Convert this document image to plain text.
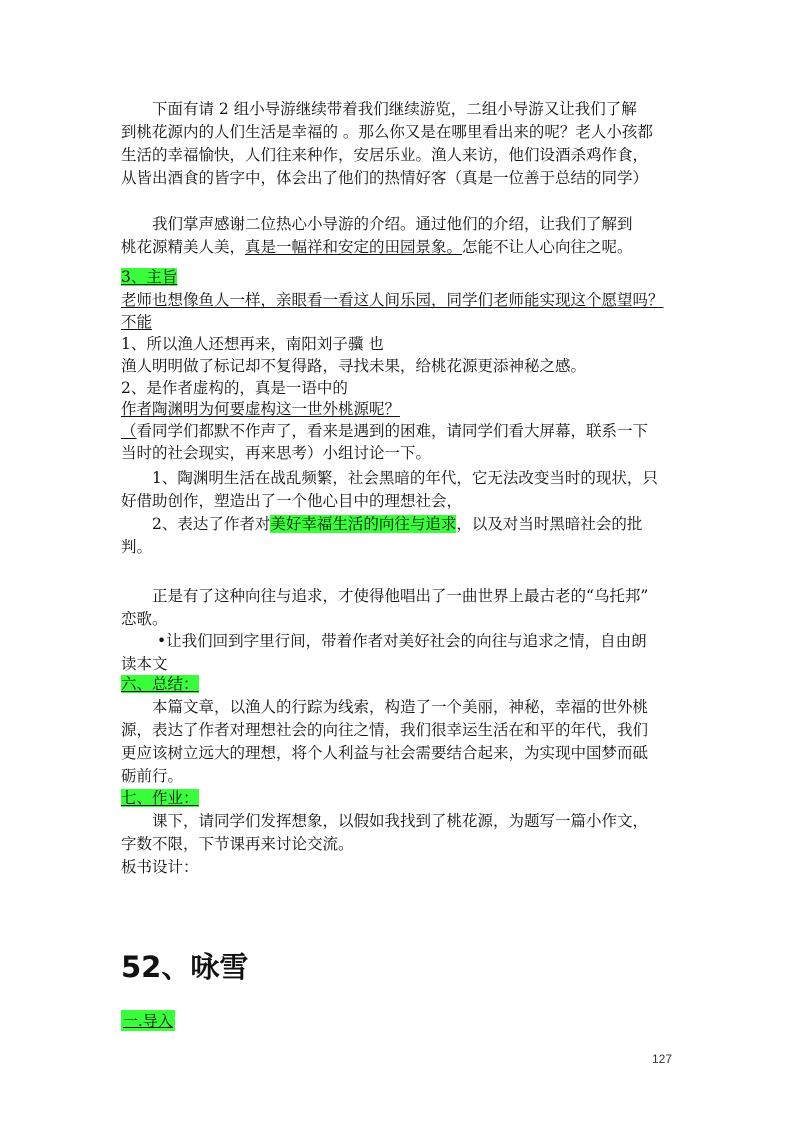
下面有请 2 组小导游继续带着我们继续游览，二组小导游又让我们了解
到桃花源内的人们生活是幸福的 。那么你又是在哪里看出来的呢？老人小孩都
生活的幸福愉快，人们往来种作，安居乐业。渔人来访，他们设酒杀鸡作食，
从皆出酒食的皆字中，体会出了他们的热情好客（真是一位善于总结的同学）
我们掌声感谢二位热心小导游的介绍。通过他们的介绍，让我们了解到
桃花源精美人美，真是一幅祥和安定的田园景象。怎能不让人心向往之呢。
3、主旨
老师也想像鱼人一样，亲眼看一看这人间乐园，同学们老师能实现这个愿望吗？
不能
1、所以渔人还想再来，南阳刘子骥 也
渔人明明做了标记却不复得路，寻找未果，给桃花源更添神秘之感。
2、是作者虚构的，真是一语中的
作者陶渊明为何要虚构这一世外桃源呢？
（看同学们都默不作声了，看来是遇到的困难，请同学们看大屏幕，联系一下
当时的社会现实，再来思考）小组讨论一下。
1、陶渊明生活在战乱频繁，社会黑暗的年代，它无法改变当时的现状，只
好借助创作，塑造出了一个他心目中的理想社会，
2、表达了作者对美好幸福生活的向往与追求，以及对当时黑暗社会的批
判。
正是有了这种向往与追求，才使得他唱出了一曲世界上最古老的“乌托邦”
恋歌。
•让我们回到字里行间，带着作者对美好社会的向往与追求之情，自由朗
读本文
六、总结：
本篇文章，以渔人的行踪为线索，构造了一个美丽，神秘，幸福的世外桃
源，表达了作者对理想社会的向往之情，我们很幸运生活在和平的年代，我们
更应该树立远大的理想，将个人利益与社会需要结合起来，为实现中国梦而砥
砺前行。
七、作业：
课下，请同学们发挥想象，以假如我找到了桃花源，为题写一篇小作文，
字数不限，下节课再来讨论交流。
板书设计：
52、咏雪
一.导入
127
